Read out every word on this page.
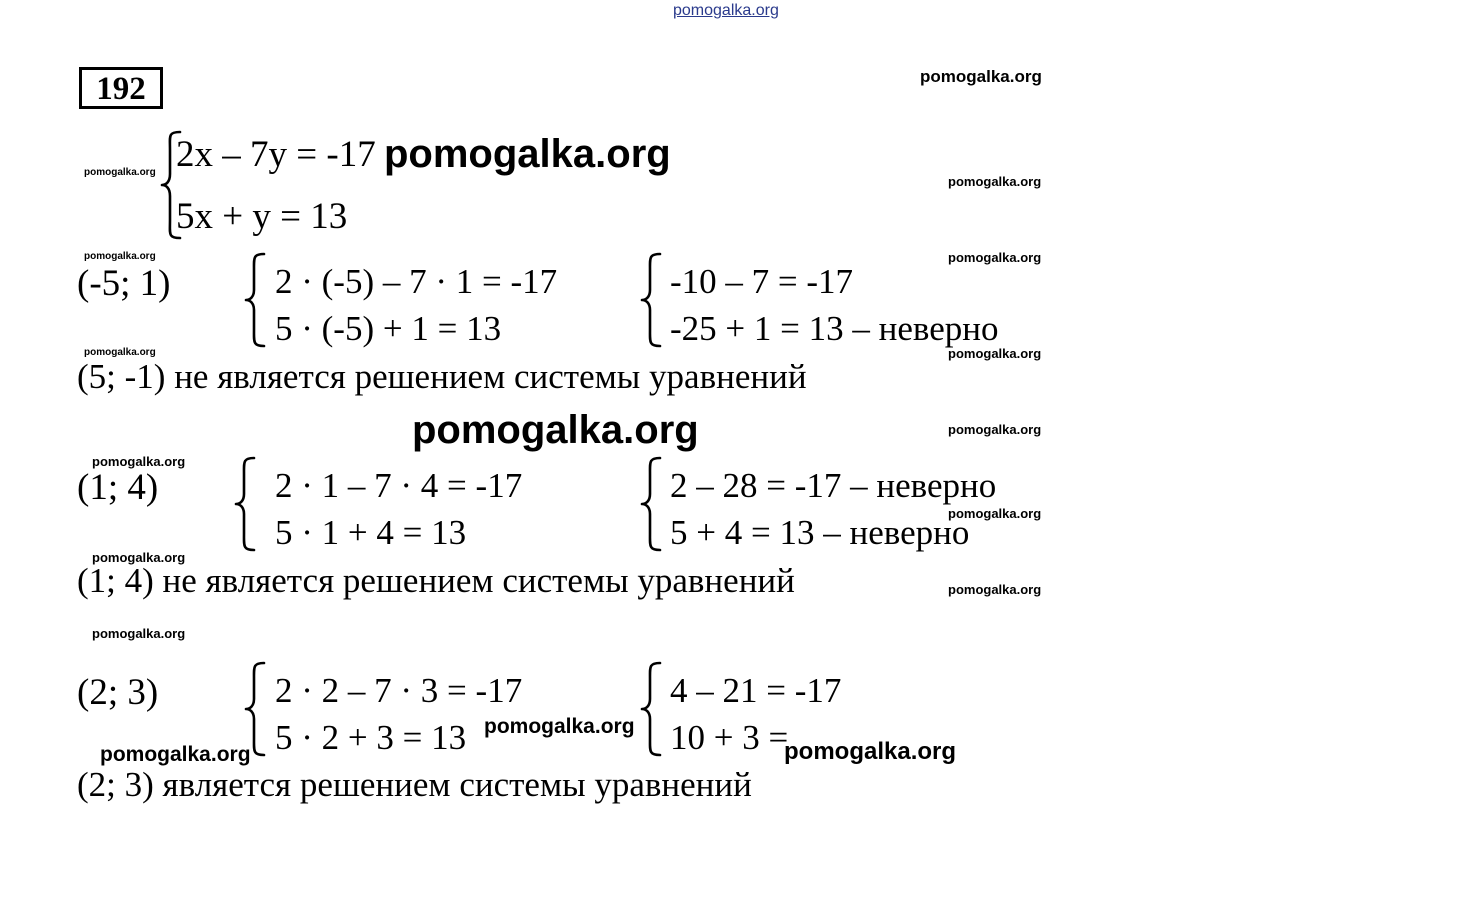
pomogalka.org
192	pomogalka.org
pomogalka.org
pomogalka.org
pomogalka.org	pomogalka.org
pomogalka.org	pomogalka.org
pomogalka.org
pomogalka.org
pomogalka.org
pomogalka.org
pomogalka.org
pomogalka.org
pomogalka.org
pomogalka.org
pomogalka.org
pomogalka.org	pomogalka.org
2x – 7y = -17
5x + y = 13
(-5; 1)	2 · (-5) – 7 · 1 = -17
5 · (-5) + 1 = 13
-10 – 7 = -17
-25 + 1 = 13 – неверно
(5; -1) не является решением системы уравнений
(1; 4)	2 · 1 – 7 · 4 = -17
5 · 1 + 4 = 13
2 – 28 = -17 – неверно
5 + 4 = 13 – неверно
(1; 4) не является решением системы уравнений
(2; 3)	2 · 2 – 7 · 3 = -17
5 · 2 + 3 = 13
4 – 21 = -17
10 + 3 =
(2; 3) является решением системы уравнений
